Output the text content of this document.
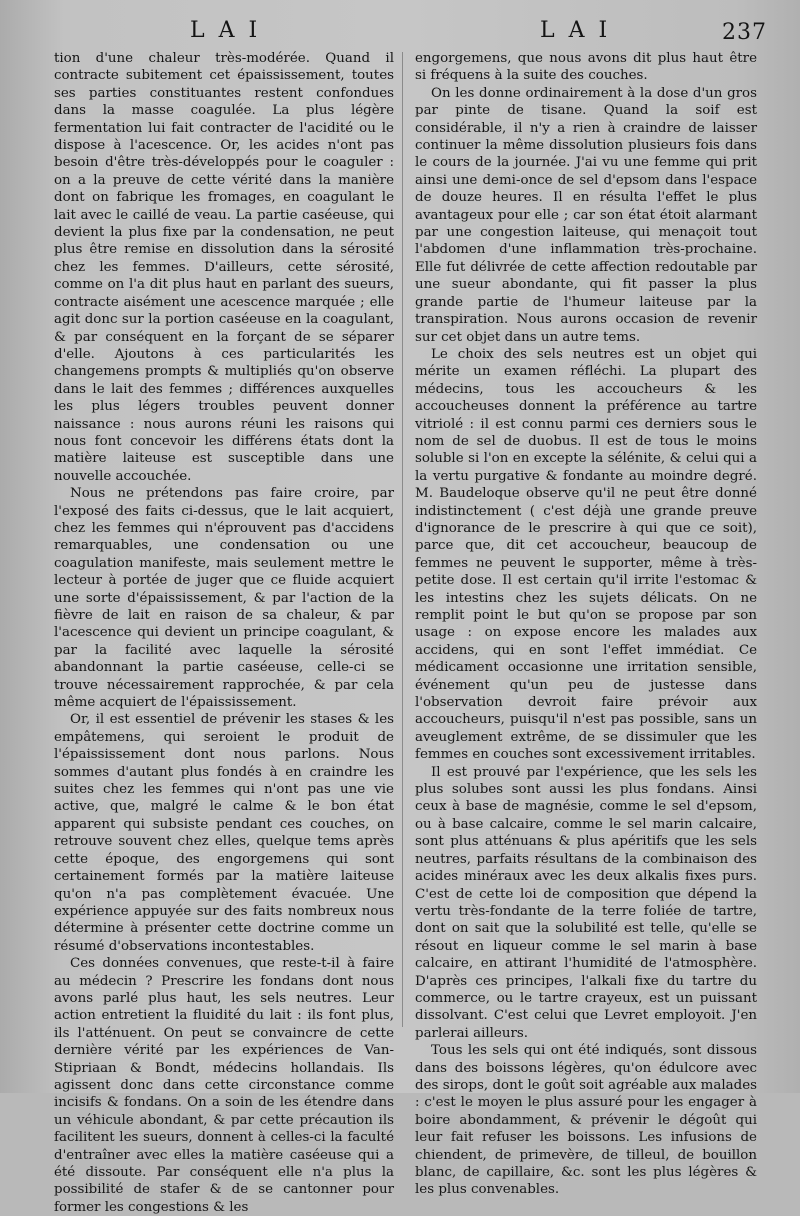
LAI	LAI	237

tion d'une chaleur très-modérée. Quand il contracte subitement cet épaississement, toutes ses parties constituantes restent confondues dans la masse coagulée. La plus légère fermentation lui fait contracter de l'acidité ou le dispose à l'acescence. Or, les acides n'ont pas besoin d'être très-développés pour le coaguler : on a la preuve de cette vérité dans la manière dont on fabrique les fromages, en coagulant le lait avec le caillé de veau. La partie caséeuse, qui devient la plus fixe par la condensation, ne peut plus être remise en dissolution dans la sérosité chez les femmes. D'ailleurs, cette sérosité, comme on l'a dit plus haut en parlant des sueurs, contracte aisément une acescence marquée ; elle agit donc sur la portion caséeuse en la coagulant, & par conséquent en la forçant de se séparer d'elle. Ajoutons à ces particularités les changemens prompts & multipliés qu'on observe dans le lait des femmes ; différences auxquelles les plus légers troubles peuvent donner naissance : nous aurons réuni les raisons qui nous font concevoir les différens états dont la matière laiteuse est susceptible dans une nouvelle accouchée.

Nous ne prétendons pas faire croire, par l'exposé des faits ci-dessus, que le lait acquiert, chez les femmes qui n'éprouvent pas d'accidens remarquables, une condensation ou une coagulation manifeste, mais seulement mettre le lecteur à portée de juger que ce fluide acquiert une sorte d'épaississement, & par l'action de la fièvre de lait en raison de sa chaleur, & par l'acescence qui devient un principe coagulant, & par la facilité avec laquelle la sérosité abandonnant la partie caséeuse, celle-ci se trouve nécessairement rapprochée, & par cela même acquiert de l'épaississement.

Or, il est essentiel de prévenir les stases & les empâtemens, qui seroient le produit de l'épaississement dont nous parlons. Nous sommes d'autant plus fondés à en craindre les suites chez les femmes qui n'ont pas une vie active, que, malgré le calme & le bon état apparent qui subsiste pendant ces couches, on retrouve souvent chez elles, quelque tems après cette époque, des engorgemens qui sont certainement formés par la matière laiteuse qu'on n'a pas complètement évacuée. Une expérience appuyée sur des faits nombreux nous détermine à présenter cette doctrine comme un résumé d'observations incontestables.

Ces données convenues, que reste-t-il à faire au médecin ? Prescrire les fondans dont nous avons parlé plus haut, les sels neutres. Leur action entretient la fluidité du lait : ils font plus, ils l'atténuent. On peut se convaincre de cette dernière vérité par les expériences de Van-Stipriaan & Bondt, médecins hollandais. Ils agissent donc dans cette circonstance comme incisifs & fondans. On a soin de les étendre dans un véhicule abondant, & par cette précaution ils facilitent les sueurs, donnent à celles-ci la faculté d'entraîner avec elles la matière caséeuse qui a été dissoute. Par conséquent elle n'a plus la possibilité de stafer & de se cantonner pour former les congestions & les

engorgemens, que nous avons dit plus haut être si fréquens à la suite des couches.

On les donne ordinairement à la dose d'un gros par pinte de tisane. Quand la soif est considérable, il n'y a rien à craindre de laisser continuer la même dissolution plusieurs fois dans le cours de la journée. J'ai vu une femme qui prit ainsi une demi-once de sel d'epsom dans l'espace de douze heures. Il en résulta l'effet le plus avantageux pour elle ; car son état étoit alarmant par une congestion laiteuse, qui menaçoit tout l'abdomen d'une inflammation très-prochaine. Elle fut délivrée de cette affection redoutable par une sueur abondante, qui fit passer la plus grande partie de l'humeur laiteuse par la transpiration. Nous aurons occasion de revenir sur cet objet dans un autre tems.

Le choix des sels neutres est un objet qui mérite un examen réfléchi. La plupart des médecins, tous les accoucheurs & les accoucheuses donnent la préférence au tartre vitriolé : il est connu parmi ces derniers sous le nom de sel de duobus. Il est de tous le moins soluble si l'on en excepte la sélénite, & celui qui a la vertu purgative & fondante au moindre degré. M. Baudeloque observe qu'il ne peut être donné indistinctement ( c'est déjà une grande preuve d'ignorance de le prescrire à qui que ce soit), parce que, dit cet accoucheur, beaucoup de femmes ne peuvent le supporter, même à très-petite dose. Il est certain qu'il irrite l'estomac & les intestins chez les sujets délicats. On ne remplit point le but qu'on se propose par son usage : on expose encore les malades aux accidens, qui en sont l'effet immédiat. Ce médicament occasionne une irritation sensible, événement qu'un peu de justesse dans l'observation devroit faire prévoir aux accoucheurs, puisqu'il n'est pas possible, sans un aveuglement extrême, de se dissimuler que les femmes en couches sont excessivement irritables.

Il est prouvé par l'expérience, que les sels les plus solubes sont aussi les plus fondans. Ainsi ceux à base de magnésie, comme le sel d'epsom, ou à base calcaire, comme le sel marin calcaire, sont plus atténuans & plus apéritifs que les sels neutres, parfaits résultans de la combinaison des acides minéraux avec les deux alkalis fixes purs. C'est de cette loi de composition que dépend la vertu très-fondante de la terre foliée de tartre, dont on sait que la solubilité est telle, qu'elle se résout en liqueur comme le sel marin à base calcaire, en attirant l'humidité de l'atmosphère. D'après ces principes, l'alkali fixe du tartre du commerce, ou le tartre crayeux, est un puissant dissolvant. C'est celui que Levret employoit. J'en parlerai ailleurs.

Tous les sels qui ont été indiqués, sont dissous dans des boissons légères, qu'on édulcore avec des sirops, dont le goût soit agréable aux malades : c'est le moyen le plus assuré pour les engager à boire abondamment, & prévenir le dégoût qui leur fait refuser les boissons. Les infusions de chiendent, de primevère, de tilleul, de bouillon blanc, de capillaire, &c. sont les plus légères & les plus convenables.
